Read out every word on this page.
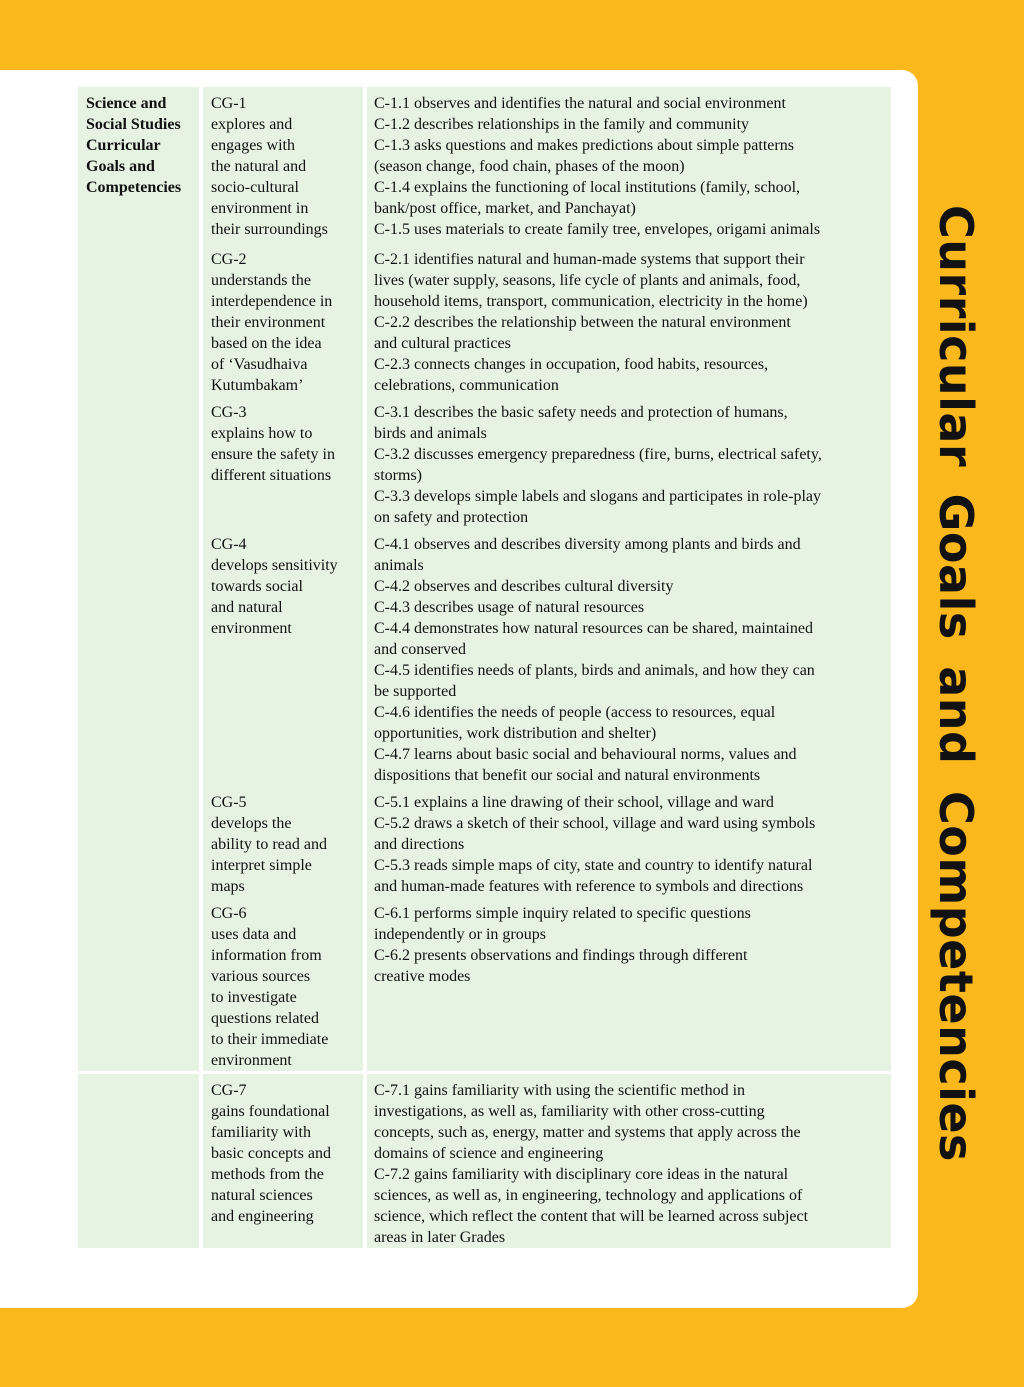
Curricular Goals and Competencies
Science and
Social Studies
Curricular
Goals and
Competencies
CG-1
explores and
engages with
the natural and
socio-cultural
environment in
their surroundings
C-1.1 observes and identifies the natural and social environment
C-1.2 describes relationships in the family and community
C-1.3 asks questions and makes predictions about simple patterns
(season change, food chain, phases of the moon)
C-1.4 explains the functioning of local institutions (family, school,
bank/post office, market, and Panchayat)
C-1.5 uses materials to create family tree, envelopes, origami animals
CG-2
understands the
interdependence in
their environment
based on the idea
of ‘Vasudhaiva
Kutumbakam’
C-2.1 identifies natural and human-made systems that support their
lives (water supply, seasons, life cycle of plants and animals, food,
household items, transport, communication, electricity in the home)
C-2.2 describes the relationship between the natural environment
and cultural practices
C-2.3 connects changes in occupation, food habits, resources,
celebrations, communication
CG-3
explains how to
ensure the safety in
different situations
C-3.1 describes the basic safety needs and protection of humans,
birds and animals
C-3.2 discusses emergency preparedness (fire, burns, electrical safety,
storms)
C-3.3 develops simple labels and slogans and participates in role-play
on safety and protection
CG-4
develops sensitivity
towards social
and natural
environment
C-4.1 observes and describes diversity among plants and birds and
animals
C-4.2 observes and describes cultural diversity
C-4.3 describes usage of natural resources
C-4.4 demonstrates how natural resources can be shared, maintained
and conserved
C-4.5 identifies needs of plants, birds and animals, and how they can
be supported
C-4.6 identifies the needs of people (access to resources, equal
opportunities, work distribution and shelter)
C-4.7 learns about basic social and behavioural norms, values and
dispositions that benefit our social and natural environments
CG-5
develops the
ability to read and
interpret simple
maps
C-5.1 explains a line drawing of their school, village and ward
C-5.2 draws a sketch of their school, village and ward using symbols
and directions
C-5.3 reads simple maps of city, state and country to identify natural
and human-made features with reference to symbols and directions
CG-6
uses data and
information from
various sources
to investigate
questions related
to their immediate
environment
C-6.1 performs simple inquiry related to specific questions
independently or in groups
C-6.2 presents observations and findings through different
creative modes
CG-7
gains foundational
familiarity with
basic concepts and
methods from the
natural sciences
and engineering
C-7.1 gains familiarity with using the scientific method in
investigations, as well as, familiarity with other cross-cutting
concepts, such as, energy, matter and systems that apply across the
domains of science and engineering
C-7.2 gains familiarity with disciplinary core ideas in the natural
sciences, as well as, in engineering, technology and applications of
science, which reflect the content that will be learned across subject
areas in later Grades
